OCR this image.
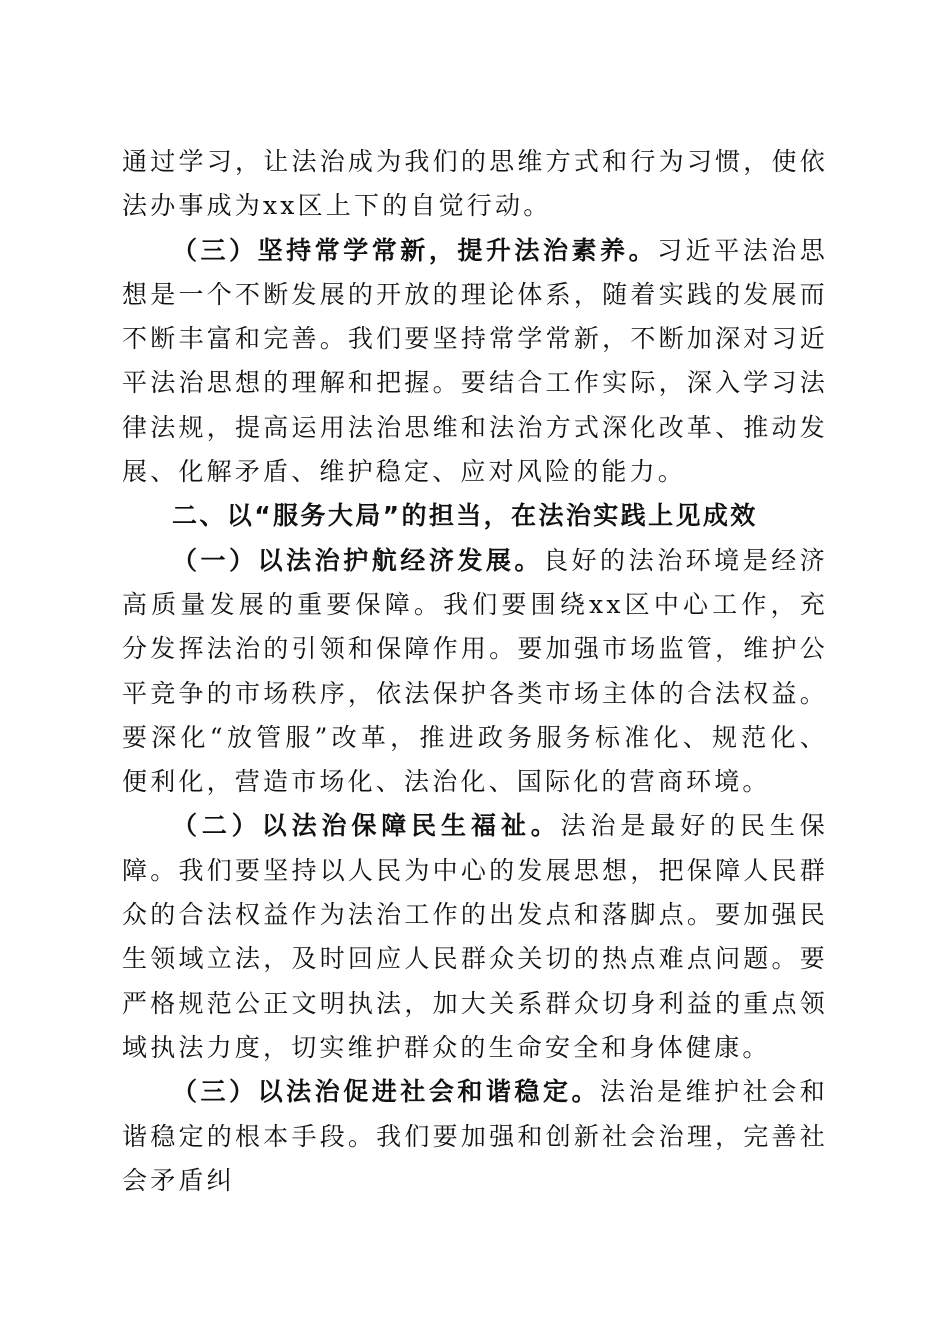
通过学习，让法治成为我们的思维方式和行为习惯，使依法办事成为xx区上下的自觉行动。

（三）坚持常学常新，提升法治素养。习近平法治思想是一个不断发展的开放的理论体系，随着实践的发展而不断丰富和完善。我们要坚持常学常新，不断加深对习近平法治思想的理解和把握。要结合工作实际，深入学习法律法规，提高运用法治思维和法治方式深化改革、推动发展、化解矛盾、维护稳定、应对风险的能力。

二、以“服务大局”的担当，在法治实践上见成效

（一）以法治护航经济发展。良好的法治环境是经济高质量发展的重要保障。我们要围绕xx区中心工作，充分发挥法治的引领和保障作用。要加强市场监管，维护公平竞争的市场秩序，依法保护各类市场主体的合法权益。要深化“放管服”改革，推进政务服务标准化、规范化、便利化，营造市场化、法治化、国际化的营商环境。

（二）以法治保障民生福祉。法治是最好的民生保障。我们要坚持以人民为中心的发展思想，把保障人民群众的合法权益作为法治工作的出发点和落脚点。要加强民生领域立法，及时回应人民群众关切的热点难点问题。要严格规范公正文明执法，加大关系群众切身利益的重点领域执法力度，切实维护群众的生命安全和身体健康。

（三）以法治促进社会和谐稳定。法治是维护社会和谐稳定的根本手段。我们要加强和创新社会治理，完善社会矛盾纠
